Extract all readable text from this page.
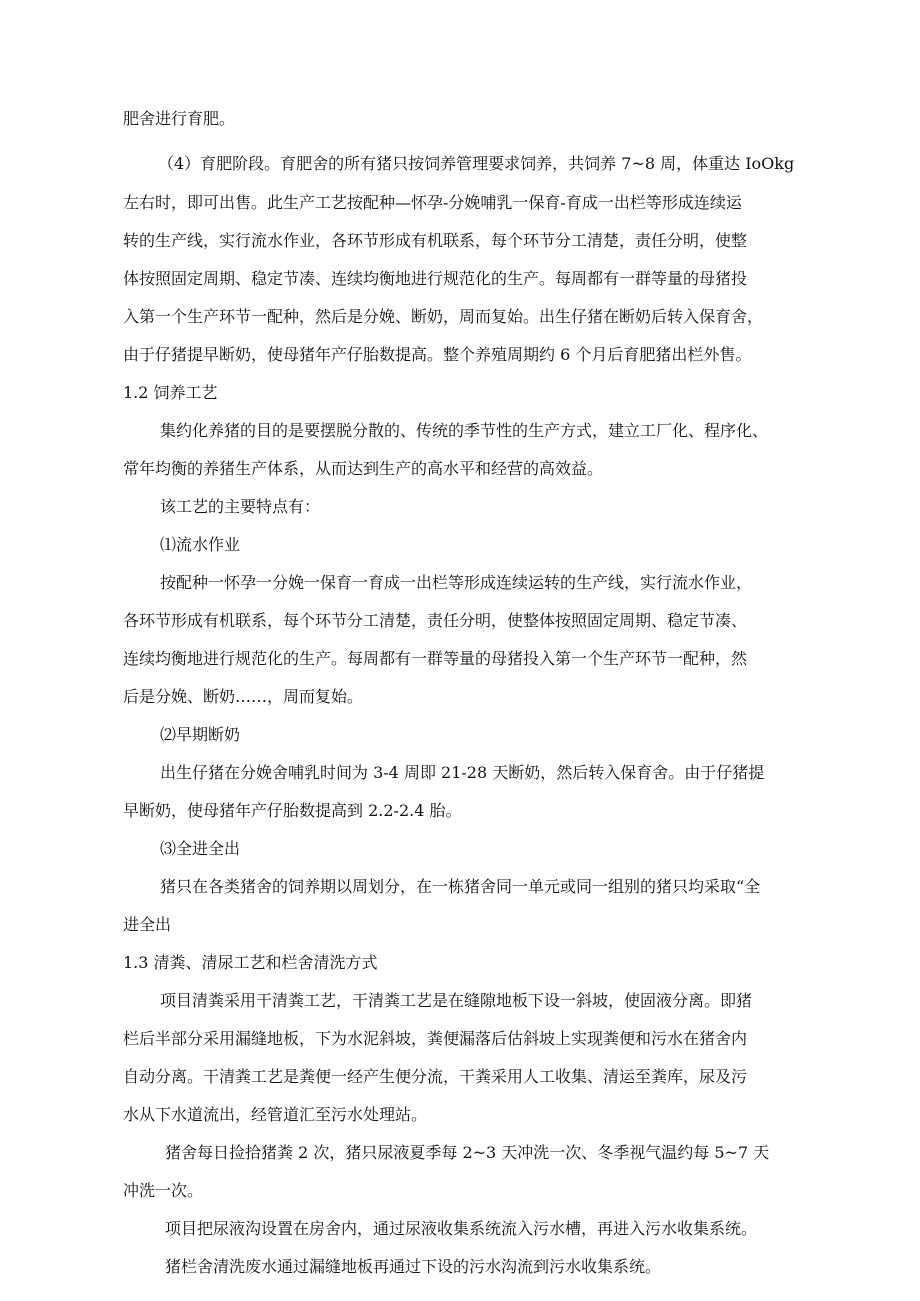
肥舍进行育肥。

（4）育肥阶段。育肥舍的所有猪只按饲养管理要求饲养，共饲养 7~8 周，体重达 IoOkg

左右时，即可出售。此生产工艺按配种—怀孕-分娩哺乳一保育-育成一出栏等形成连续运

转的生产线，实行流水作业，各环节形成有机联系，每个环节分工清楚，责任分明，使整

体按照固定周期、稳定节凑、连续均衡地进行规范化的生产。每周都有一群等量的母猪投

入第一个生产环节一配种，然后是分娩、断奶，周而复始。出生仔猪在断奶后转入保育舍，

由于仔猪提早断奶，使母猪年产仔胎数提高。整个养殖周期约 6 个月后育肥猪出栏外售。

1.2 饲养工艺

集约化养猪的目的是要摆脱分散的、传统的季节性的生产方式，建立工厂化、程序化、

常年均衡的养猪生产体系，从而达到生产的高水平和经营的高效益。

该工艺的主要特点有：

⑴流水作业

按配种一怀孕一分娩一保育一育成一出栏等形成连续运转的生产线，实行流水作业，

各环节形成有机联系，每个环节分工清楚，责任分明，使整体按照固定周期、稳定节凑、

连续均衡地进行规范化的生产。每周都有一群等量的母猪投入第一个生产环节一配种，然

后是分娩、断奶……，周而复始。

⑵早期断奶

出生仔猪在分娩舍哺乳时间为 3-4 周即 21-28 天断奶，然后转入保育舍。由于仔猪提

早断奶，使母猪年产仔胎数提高到 2.2-2.4 胎。

⑶全进全出

猪只在各类猪舍的饲养期以周划分，在一栋猪舍同一单元或同一组别的猪只均采取“全

进全出

1.3 清粪、清尿工艺和栏舍清洗方式

项目清粪采用干清粪工艺，干清粪工艺是在缝隙地板下设一斜坡，使固液分离。即猪

栏后半部分采用漏缝地板，下为水泥斜坡，粪便漏落后估斜坡上实现粪便和污水在猪舍内

自动分离。干清粪工艺是粪便一经产生便分流，干粪采用人工收集、清运至粪库，尿及污

水从下水道流出，经管道汇至污水处理站。

猪舍每日捡拾猪粪 2 次，猪只尿液夏季每 2~3 天冲洗一次、冬季视气温约每 5~7 天

冲洗一次。

项目把尿液沟设置在房舍内，通过尿液收集系统流入污水槽，再进入污水收集系统。

猪栏舍清洗废水通过漏缝地板再通过下设的污水沟流到污水收集系统。
